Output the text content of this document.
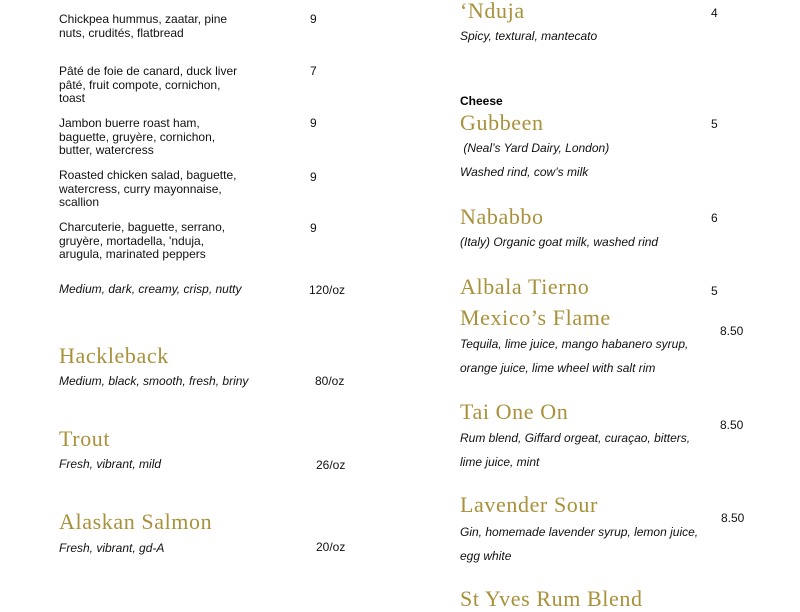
Chickpea hummus, zaatar, pine nuts, crudités, flatbread
9
Pâté de foie de canard, duck liver pâté, fruit compote, cornichon, toast
7
Jambon buerre roast ham, baguette, gruyère, cornichon, butter, watercress
9
Roasted chicken salad, baguette, watercress, curry mayonnaise, scallion
9
Charcuterie, baguette, serrano, gruyère, mortadella, 'nduja, arugula, marinated peppers
9
Medium, dark, creamy, crisp, nutty	120/oz
Hackleback
Medium, black, smooth, fresh, briny	80/oz
Trout
Fresh, vibrant, mild	26/oz
Alaskan Salmon
Fresh, vibrant, gd-A	20/oz
‘Nduja
Spicy, textural, mantecato
4
Cheese
Gubbeen
(Neal’s Yard Dairy, London)
Washed rind, cow’s milk
5
Nababbo
(Italy) Organic goat milk, washed rind
6
Albala Tierno	5
Mexico’s Flame
Tequila, lime juice, mango habanero syrup,
orange juice, lime wheel with salt rim
8.50
Tai One On
Rum blend, Giffard orgeat, curaçao, bitters,
lime juice, mint
8.50
Lavender Sour
Gin, homemade lavender syrup, lemon juice,
egg white
8.50
St Yves Rum Blend
